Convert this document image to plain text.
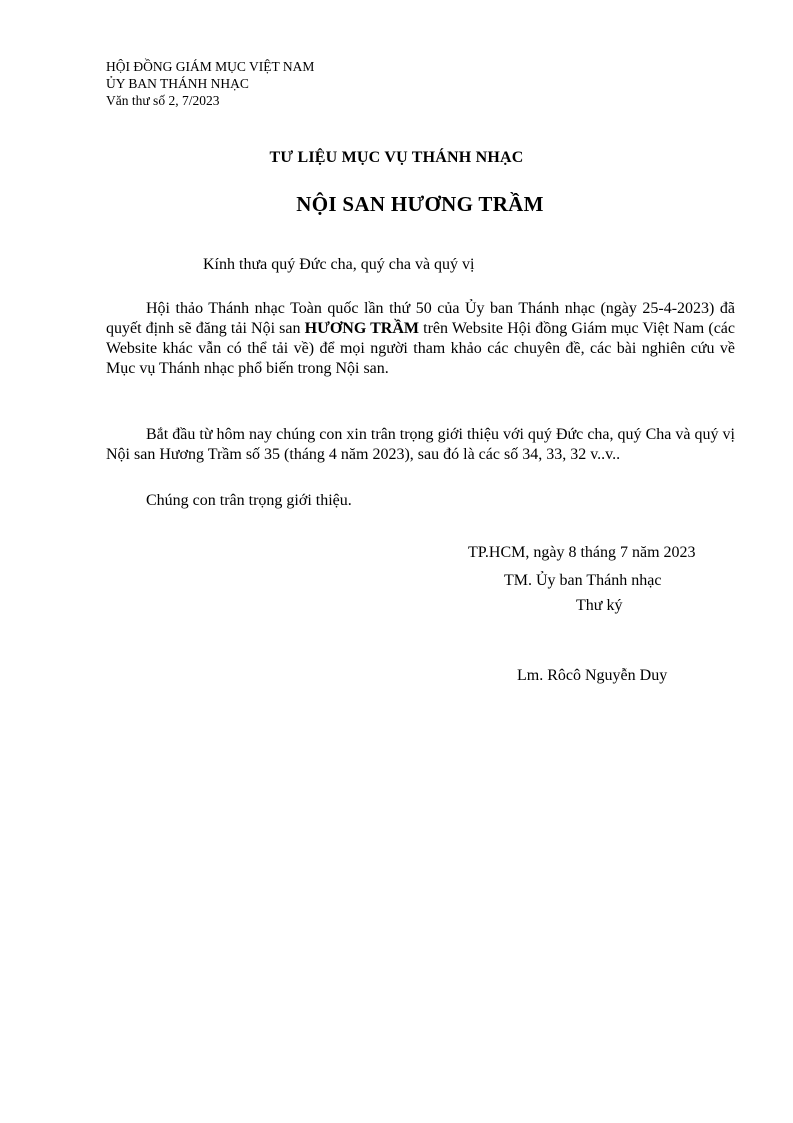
HỘI ĐỒNG GIÁM MỤC VIỆT NAM
ỦY BAN THÁNH NHẠC
Văn thư số 2, 7/2023
TƯ LIỆU MỤC VỤ THÁNH NHẠC
NỘI SAN HƯƠNG TRẦM
Kính thưa quý Đức cha, quý cha và quý vị

Hội thảo Thánh nhạc Toàn quốc lần thứ 50 của Ủy ban Thánh nhạc (ngày 25-4-2023) đã quyết định sẽ đăng tải Nội san HƯƠNG TRẦM trên Website Hội đồng Giám mục Việt Nam (các Website khác vẫn có thể tải về) để mọi người tham khảo các chuyên đề, các bài nghiên cứu về Mục vụ Thánh nhạc phổ biến trong Nội san.

Bắt đầu từ hôm nay chúng con xin trân trọng giới thiệu với quý Đức cha, quý Cha và quý vị Nội san Hương Trầm số 35 (tháng 4 năm 2023), sau đó là các số 34, 33, 32 v..v..

Chúng con trân trọng giới thiệu.

TP.HCM, ngày 8 tháng 7 năm 2023
TM. Ủy ban Thánh nhạc
Thư ký
Lm. Rôcô Nguyễn Duy
